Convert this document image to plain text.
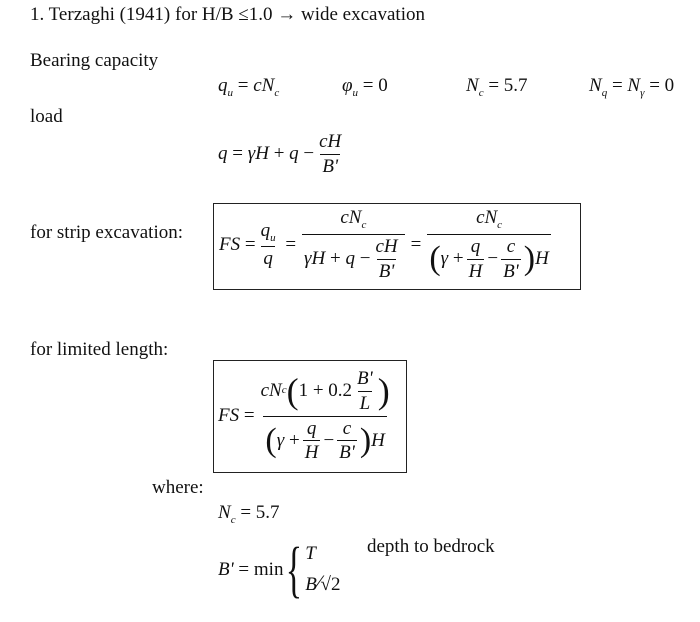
1. Terzaghi (1941) for H/B ≤1.0 → wide excavation
Bearing capacity
$q_u = cN_c$	$\varphi_u = 0$	$N_c = 5.7$	$N_q = N_\gamma = 0$
load
$q = \gamma H + q - \frac{cH}{B'}$
for strip excavation:
FS = $\frac{q_u}{q} = \frac{cN_c}{\gamma H + q - \frac{cH}{B'}} = \frac{cN_c}{( \gamma + \frac{q}{H} - \frac{c}{B'} ) H}$
for limited length:
FS = $\frac{cN c ( 1 + 0.2 \frac{B'}{L} )}{( \gamma + \frac{q}{H} - \frac{c}{B'} ) H}$
where:
$N_c = 5.7$
B' = min { T
B⁄√2
depth to bedrock
